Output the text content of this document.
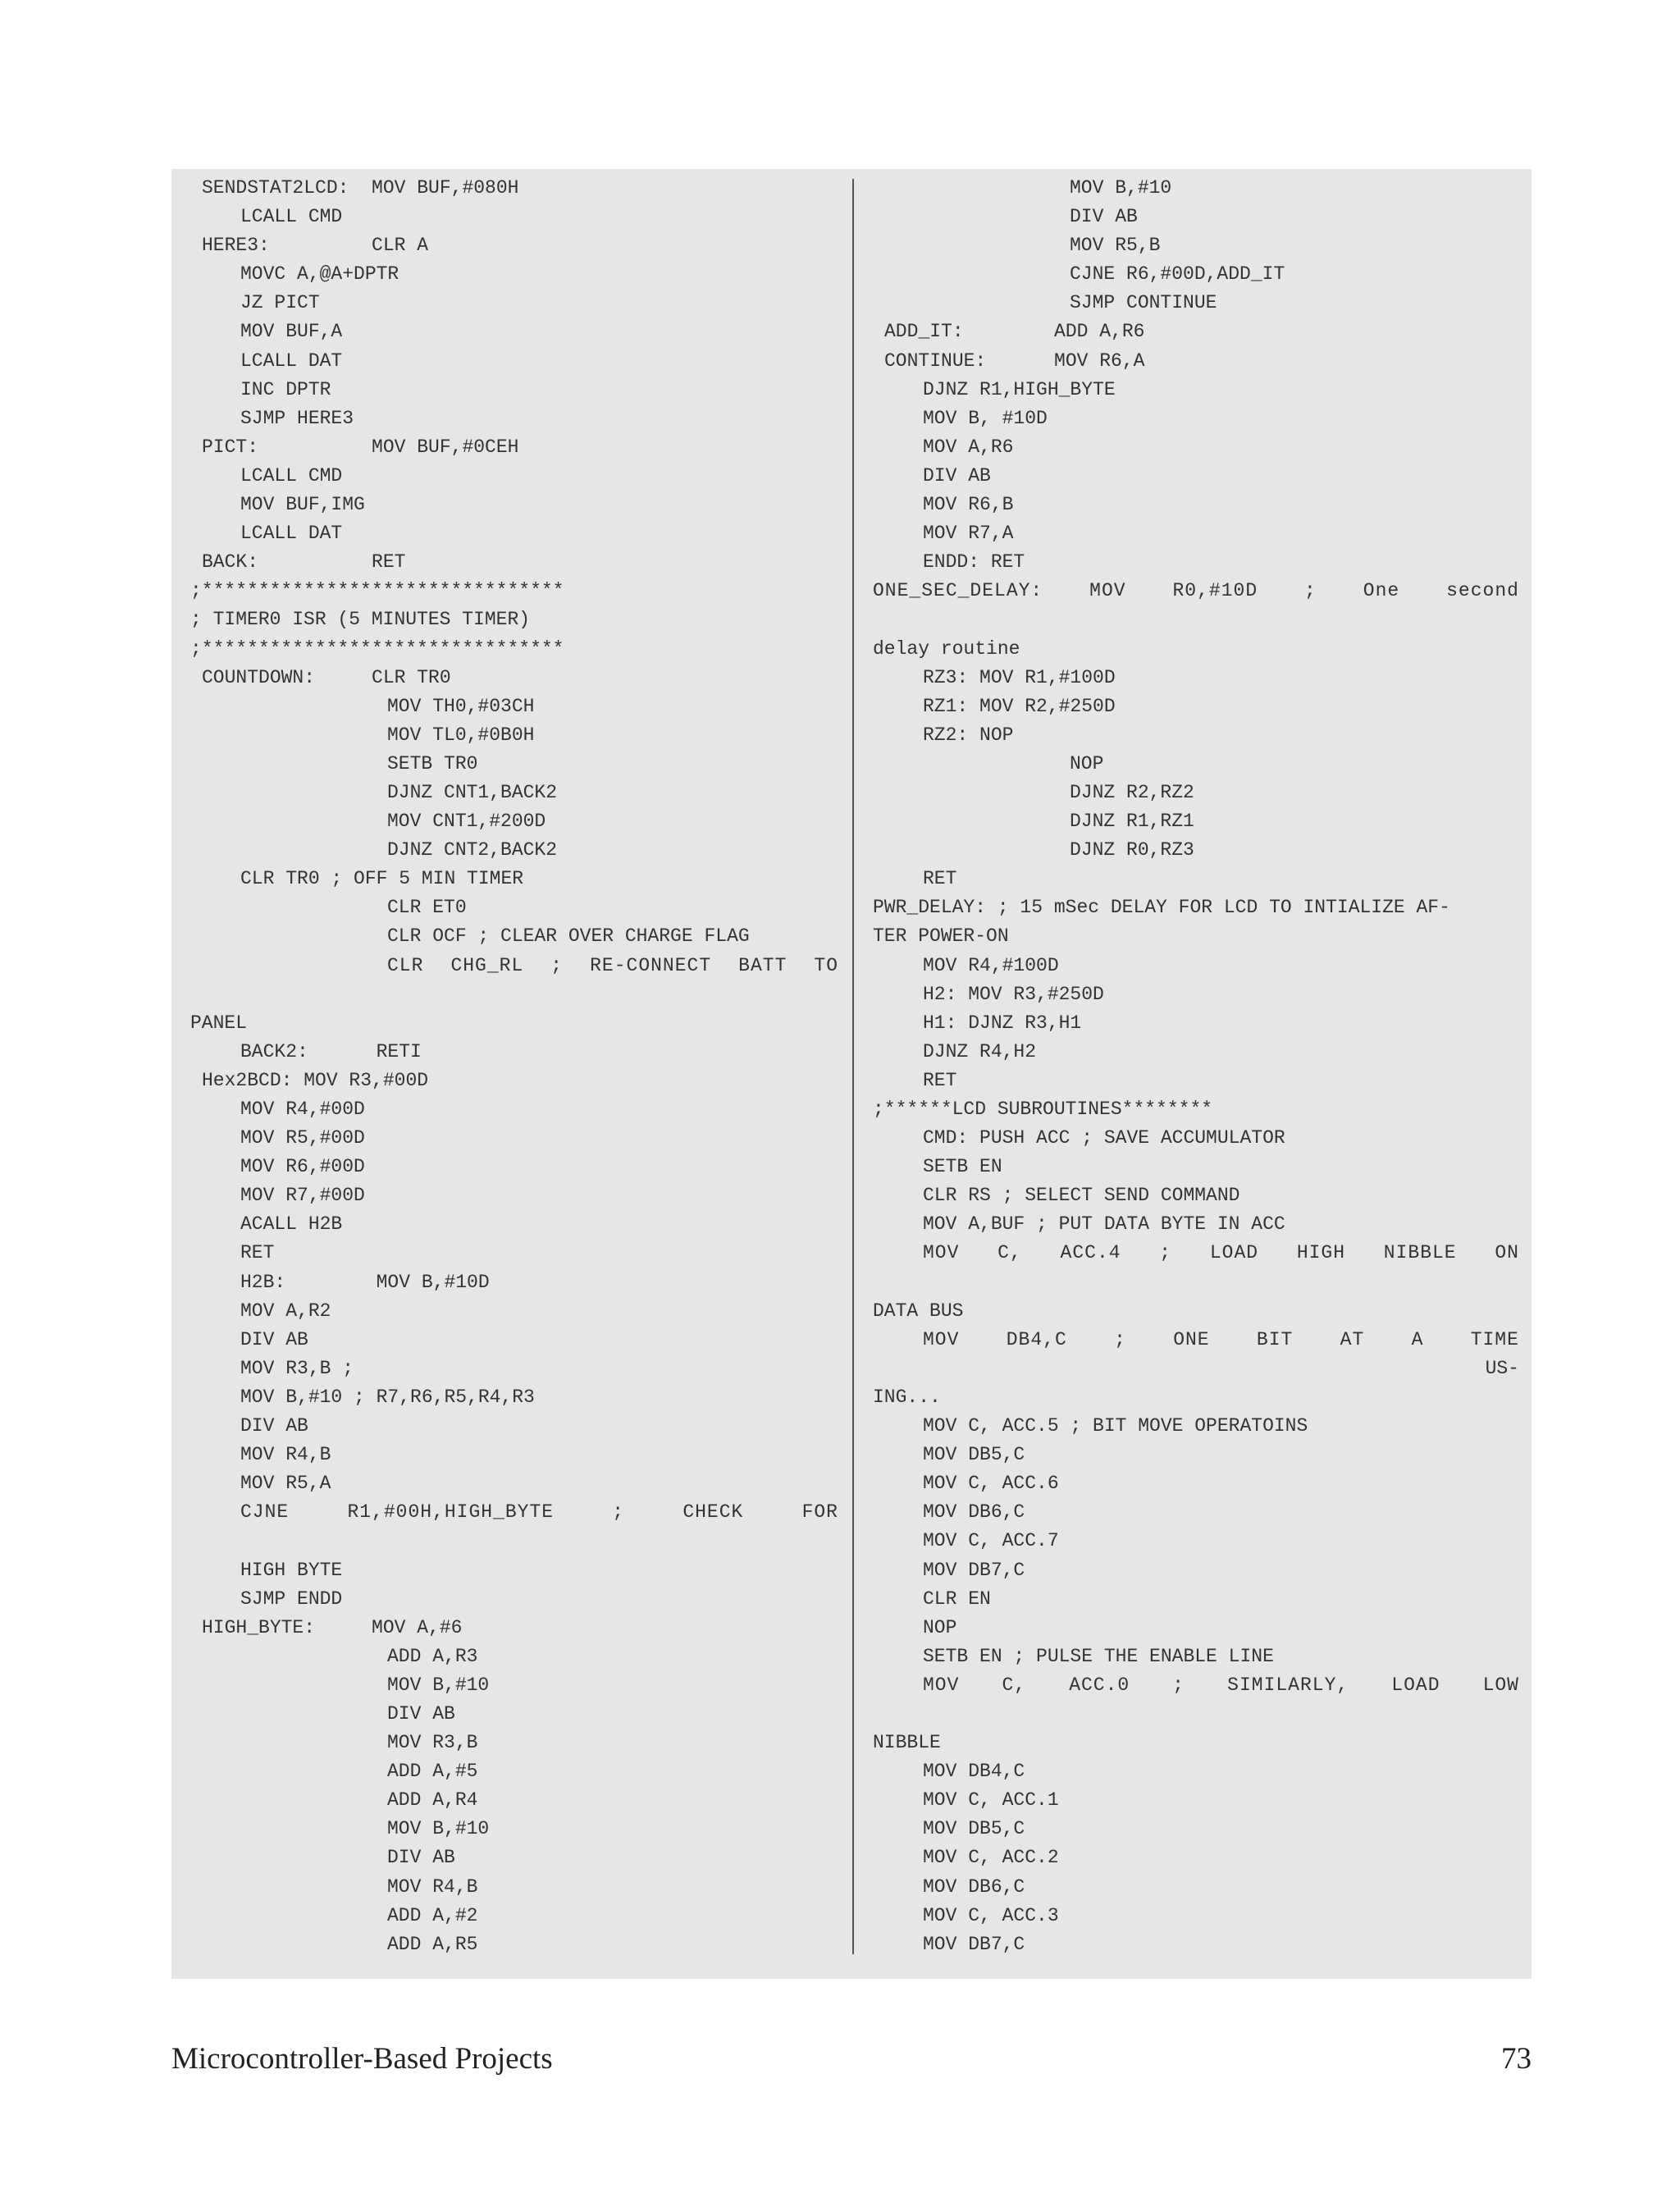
SENDSTAT2LCD:  MOV BUF,#080H
LCALL CMD
HERE3:         CLR A
MOVC A,@A+DPTR
JZ PICT
MOV BUF,A
LCALL DAT
INC DPTR
SJMP HERE3
PICT:          MOV BUF,#0CEH
LCALL CMD
MOV BUF,IMG
LCALL DAT
BACK:          RET
;********************************
; TIMER0 ISR (5 MINUTES TIMER)
;********************************
COUNTDOWN:     CLR TR0
MOV TH0,#03CH
MOV TL0,#0B0H
SETB TR0
DJNZ CNT1,BACK2
MOV CNT1,#200D
DJNZ CNT2,BACK2
CLR TR0 ; OFF 5 MIN TIMER
CLR ET0
CLR OCF ; CLEAR OVER CHARGE FLAG
CLR CHG_RL ; RE-CONNECT BATT TO
PANEL
BACK2:      RETI
Hex2BCD: MOV R3,#00D
MOV R4,#00D
MOV R5,#00D
MOV R6,#00D
MOV R7,#00D
ACALL H2B
RET
H2B:        MOV B,#10D
MOV A,R2
DIV AB
MOV R3,B ;
MOV B,#10 ; R7,R6,R5,R4,R3
DIV AB
MOV R4,B
MOV R5,A
CJNE	R1,#00H,HIGH_BYTE	;	CHECK	FOR
HIGH BYTE
SJMP ENDD
HIGH_BYTE:     MOV A,#6
ADD A,R3
MOV B,#10
DIV AB
MOV R3,B
ADD A,#5
ADD A,R4
MOV B,#10
DIV AB
MOV R4,B
ADD A,#2
ADD A,R5
MOV B,#10
DIV AB
MOV R5,B
CJNE R6,#00D,ADD_IT
SJMP CONTINUE
ADD_IT:        ADD A,R6
CONTINUE:      MOV R6,A
DJNZ R1,HIGH_BYTE
MOV B, #10D
MOV A,R6
DIV AB
MOV R6,B
MOV R7,A
ENDD: RET
ONE_SEC_DELAY: MOV R0,#10D ; One second
delay routine
RZ3: MOV R1,#100D
RZ1: MOV R2,#250D
RZ2: NOP
NOP
DJNZ R2,RZ2
DJNZ R1,RZ1
DJNZ R0,RZ3
RET
PWR_DELAY: ; 15 mSec DELAY FOR LCD TO INTIALIZE AF-
TER POWER-ON
MOV R4,#100D
H2: MOV R3,#250D
H1: DJNZ R3,H1
DJNZ R4,H2
RET
;******LCD SUBROUTINES********
CMD: PUSH ACC ; SAVE ACCUMULATOR
SETB EN
CLR RS ; SELECT SEND COMMAND
MOV A,BUF ; PUT DATA BYTE IN ACC
MOV C, ACC.4 ; LOAD HIGH NIBBLE ON
DATA BUS
MOV DB4,C ; ONE BIT AT A TIME
US-
ING...
MOV C, ACC.5 ; BIT MOVE OPERATOINS
MOV DB5,C
MOV C, ACC.6
MOV DB6,C
MOV C, ACC.7
MOV DB7,C
CLR EN
NOP
SETB EN ; PULSE THE ENABLE LINE
MOV C, ACC.0 ; SIMILARLY, LOAD LOW
NIBBLE
MOV DB4,C
MOV C, ACC.1
MOV DB5,C
MOV C, ACC.2
MOV DB6,C
MOV C, ACC.3
MOV DB7,C
Microcontroller-Based Projects	73
